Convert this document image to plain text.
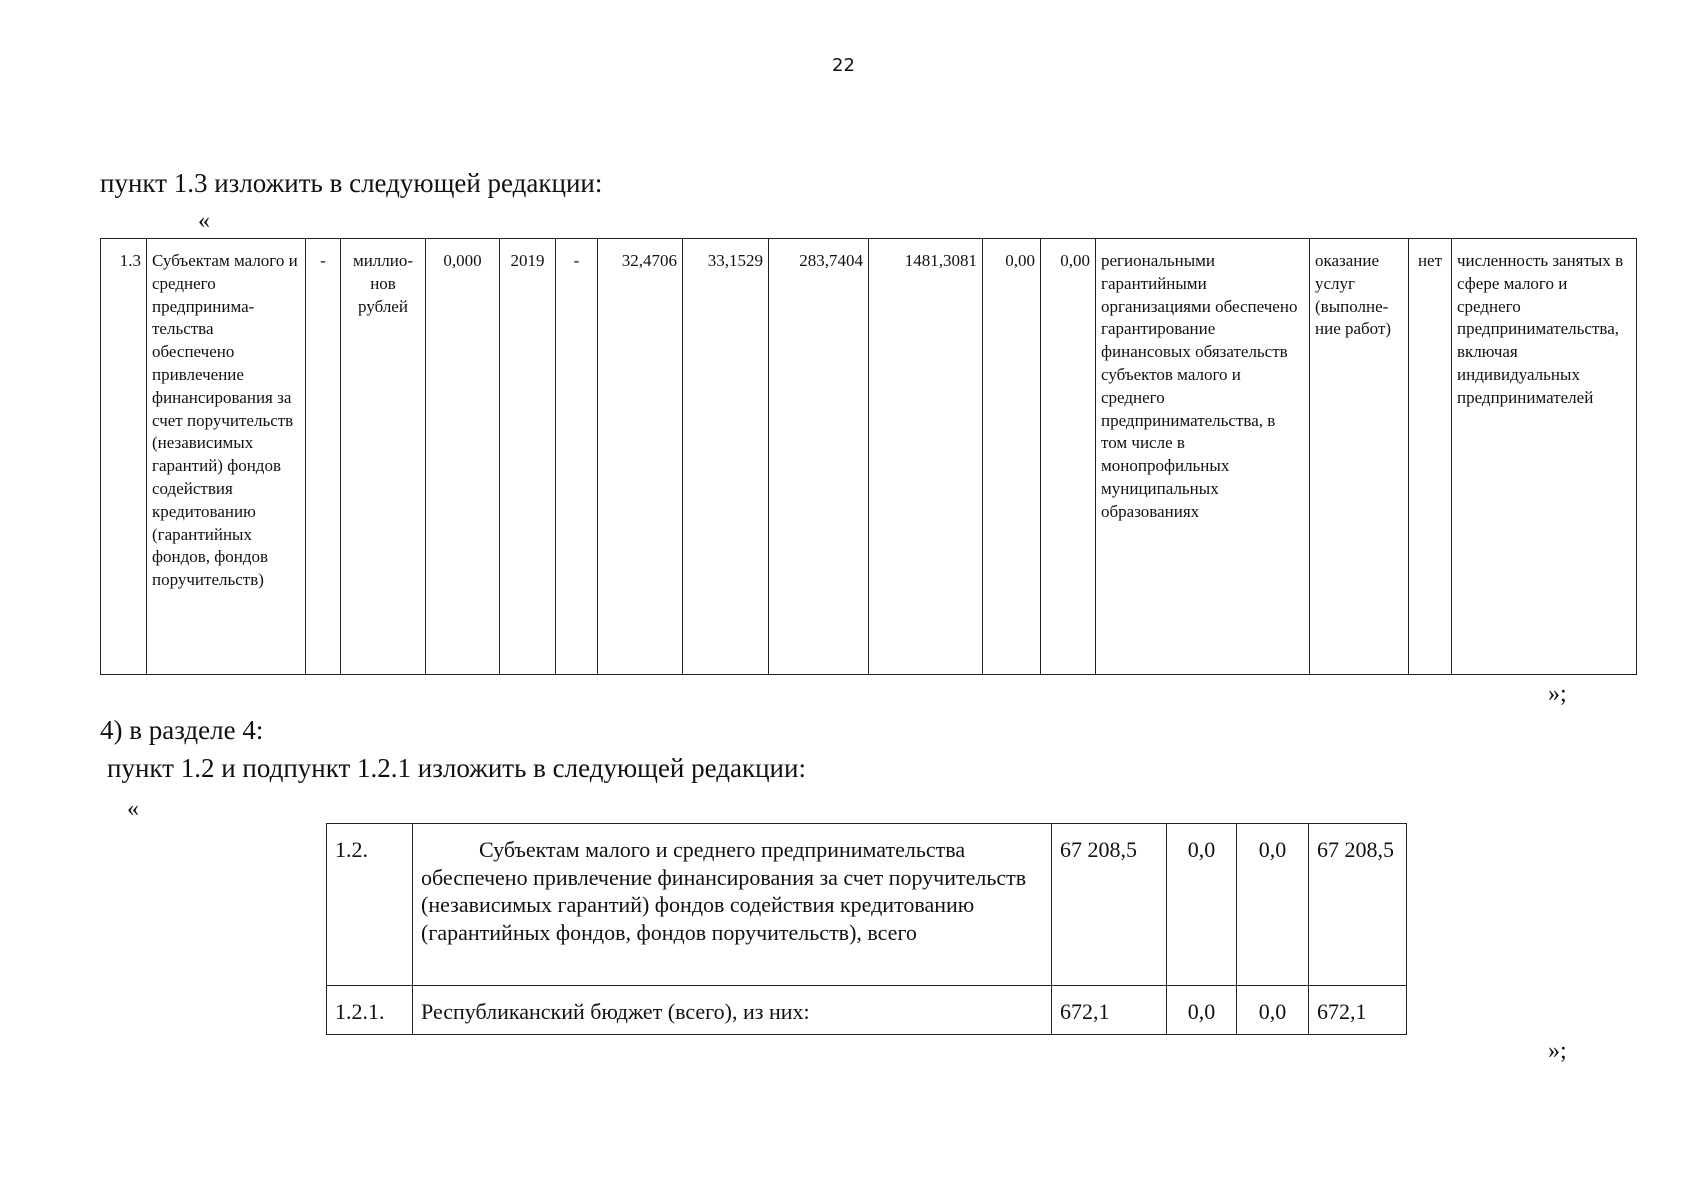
22
пункт 1.3 изложить в следующей редакции:
«
1.3	Субъектам малого и среднего предпринима-тельства обеспечено привлечение финансирования за счет поручительств (независимых гарантий) фондов содействия кредитованию (гарантийных фондов, фондов поручительств)	-	миллио-нов рублей	0,000	2019	-	32,4706	33,1529	283,7404	1481,3081	0,00	0,00	региональными гарантийными организациями обеспечено гарантирование финансовых обязательств субъектов малого и среднего предпринимательства, в том числе в монопрофильных муниципальных образованиях	оказание услуг (выполне-ние работ)	нет	численность занятых в сфере малого и среднего предпринимательства, включая индивидуальных предпринимателей
»;
4) в разделе 4:
пункт 1.2 и подпункт 1.2.1 изложить в следующей редакции:
«
1.2.	Субъектам малого и среднего предпринимательства обеспечено привлечение финансирования за счет поручительств (независимых гарантий) фондов содействия кредитованию (гарантийных фондов, фондов поручительств), всего	67 208,5	0,0	0,0	67 208,5
1.2.1.	Республиканский бюджет (всего), из них:	672,1	0,0	0,0	672,1
»;
